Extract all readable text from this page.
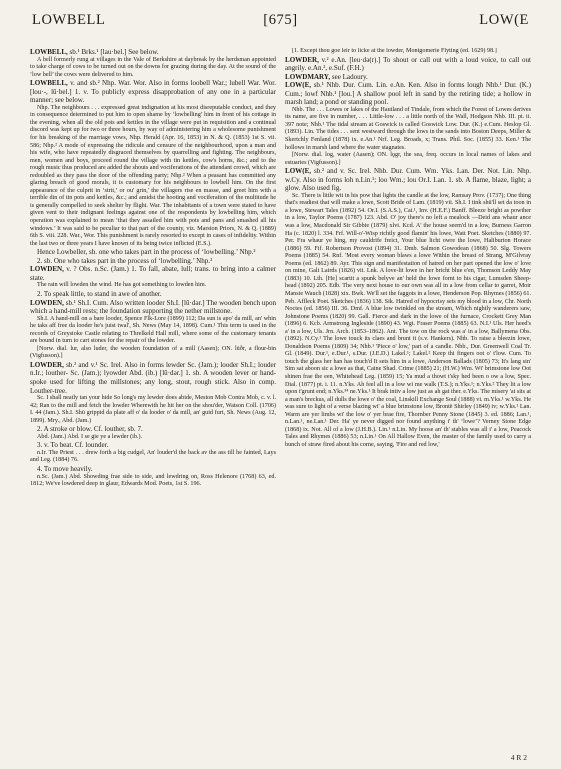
LOWBELL	[675]	LOW(E

LOWBELL, sb.¹ Brks.¹ [lau·bel.] See below.

A bell formerly rung at villages in the Vale of Berkshire at daybreak by the herdsman appointed to take charge of cows to be turned out on the downs for grazing during the day. At the sound of the ‘low bell’ the cows were delivered to him.

LOWBELL, v. and sb.² Nhp. War. Wor. Also in forms loobell War.; lubell War. Wor. [lou·-, lū·bel.] 1. v. To publicly express disapprobation of any one in a particular manner; see below.

Nhp. The neighbours . . . expressed great indignation at his most disreputable conduct, and they in consequence determined to put him to open shame by ‘lowbelling’ him in front of his cottage in the evening, when all the old pots and kettles in the village were put in requisition and a continual discord was kept up for two or three hours, by way of administering him a wholesome punishment for his breaking of the marriage vows, Nhp. Herald (Apr. 16, 1853) in N. & Q. (1853) 1st S. vii. 586; Nhp.² A mode of expressing the ridicule and censure of the neighbourhood, upon a man and his wife, who have repeatedly disgraced themselves by quarrelling and fighting. The neighbours, men, women and boys, proceed round the village with tin kettles, cow's horns, &c.; and to the rough music thus produced are added the shouts and vociferations of the attendant crowd, which are redoubled as they pass the door of the offending party; Nhp.² When a peasant has committed any glaring breach of good morals, it is customary for his neighbours to lowbell him. On the first appearance of the culprit in ‘strit,’ or ou' grin,' the villagers rise en masse, and greet him with a terrible din of tin pots and kettles, &c.; and amidst the hooting and vociferation of the multitude he is generally compelled to seek shelter by flight. War. The inhabitants of a town were stated to have given vent to their indignant feelings against one of the respondents by lowbelling him, which operation was explained to mean ‘that they assailed him with pots and pans and smashed all his windows.’ It was said to be peculiar to that part of the county, viz. Marston Priors, N. & Q. (1889) 6th S. viii. 228. War., Wor. This punishment is rarely resorted to except in cases of infidelity. Within the last two or three years I have known of its being twice inflicted (E.S.).

Hence Lowbeller, sb. one who takes part in the process of ‘lowbelling.’ Nhp.²

2. sb. One who takes part in the process of ‘lowbelling.’ Nhp.²

LOWDEN, v. ? Obs. n.Sc. (Jam.) 1. To fall, abate, lull; trans. to bring into a calmer state.

The rain will lowden the wind. He has got something to lowden him.

2. To speak little, to stand in awe of another.

LOWDEN, sb.¹ Sh.I. Cum. Also written looder Sh.I. [lū·dər.] The wooden bench upon which a hand-mill rests; the foundation supporting the nether millstone.

Sh.I. A hand-mill on a bare looder, Spence Flk-Lore (1899) 112; Da sun is apo' da mill, an' whin he taks aff free da looder he's juist twal', Sh. News (May 14, 1898). Cum.¹ This term is used in the records of Greystoke Castle relating to Threlkeld Hall mill, where some of the customary tenants are bound in turn to cart stones for the repair of the lowder.

[Norw. dial. lur, also luder, the wooden foundation of a mill (Aasen); ON. lūðr, a flour-bin (Vigfusson).]

LOWDER, sb.² and v.¹ Sc. Irel. Also in forms lewder Sc. (Jam.); looder Sh.I.; louder n.Ir.; louther- Sc. (Jam.); lyowder Abd. (ib.) [lū·dər.] 1. sb. A wooden lever or hand-spoke used for lifting the millstones; any long, stout, rough stick. Also in comp. Louther-tree.

Sc. I shall neatly tan your hide So long's my lewder does abide, Meston Mob Contra Mob, c. v. l. 42; Ran to the mill and fetch the lowder Wherewith he hit her on the shou'der, Watson Coll. (1706) I. 44 (Jam.). Sh.I. Shū grippid da plate aff o' da looder o' da mill, an' guid furt, Sh. News (Aug. 12, 1899). Mry., Abd. (Jam.)

2. A stroke or blow. Cf. louther, sb. 7.

Abd. (Jam.) Abd. I se gie ye a lewder (ib.).

3. v. To beat. Cf. lounder.

n.Ir. The Priest . . . drew forth a big cudgel, An' louder'd the back av the ass till he fainted, Lays and Leg. (1884) 76.

4. To move heavily.

n.Sc. (Jam.) Abd. Showding frae side to side, and lewdring on, Ross Helenore (1768) 63, ed. 1812; We've lowdered deep in glaur, Edwards Mod. Poets, 1st S. 196.

[1. Except thou goe leir to licke at the lowder, Montgomerie Flyting (ed. 1629) 98.]

LOWDER, v.² e.An. [leu·də(r).] To shout or call out with a loud voice, to call out angrily. e.An.², e.Suf. (F.H.)

LOWDMARY, see Ladoury.

LOW(E, sb.¹ Nhb. Dur. Cum. Lin. e.An. Ken. Also in forms lough Nhb.¹ Dur. (K.) Cum.; lowf Nhb.¹ [lou.] A shallow pool left in sand by the retiring tide; a hollow in marsh land; a pond or standing pool.

Nhb. The . . . Lowes or lakes of the Hautland of Tindale, from which the Forest of Lowes derives its name, are five in number, . . . Little-low . . . a little north of the Wall, Hodgson Nhb. III. pt. ii. 397 note; Nhb.¹ The tidal stream at Goswick is called Goswick Low. Dur. (K.) e.Cum. Heslop Gl. (1893). Lin. The tides . . . sent westward through the lows in the sands into Boston Deeps, Miller & Skertchly Fenland (1878) ix. e.An.¹ Nrf. Leg. Broads, x; Trans. Phil. Soc. (1855) 33. Ken.¹ The hollows in marsh land where the water stagnates.

[Norw. dial. log, water (Aasen); ON. lǫgr, the sea, freq. occurs in local names of lakes and estuaries (Vigfusson).]

LOW(E, sb.² and v. Sc. Irel. Nhb. Dur. Cum. Wm. Yks. Lan. Der. Not. Lin. Nhp. w.Cy. Also in forms loh n.Lin.¹; loo Wm.; lou Or.I. Lan. 1. sb. A flame, blaze, light; a glow. Also used fig.

Sc. There is little wit in his pow that lights the candle at the low, Ramsay Prov. (1737); One thing that's readiest that will make a lowe, Scott Bride of Lam. (1819) vii. Sh.I. I tink shü'll set da toon in a lowe, Stewart Tales (1892) 54. Or.I. (S.A.S.), Cai.¹, Inv. (H.E.F.) Banff. Bleeze bright as powther in a low, Taylor Poems (1787) 123. Abd. O' joy there's no left a mealock —Deid ans whaur ance was a low, Macdonald Sir Gibbie (1879) xlvi. Kcd. A' the house seem'd in a low, Burness Garron Ha (c. 1820) l. 334. Frf. Will-o'-Wisp richtly good flamin' his lowe, Watt Poet. Sketches (1880) 97. Per. Fra whaur ye hing, my cauldrife freict, Your blue licht owre the lowe, Haliburton Horace (1886) 59. Fif. Robertson Provost (1894) 31. Dmb. Salmon Gowodean (1868) 50. Slg. Towers Poems (1885) 54. Rnf. 'Most every woman blaws a lowe Within the breast of Strang, M'Gilvray Poems (ed. 1862) 89. Ayr. This sign and manifestation of hatred on her part opened the low o' love on mine, Galt Lairds (1826) vii. Lnk. A love-lit lowe in her bricht blue e'en, Thomson Leddy May (1883) 10. Lth. [He] scartit a spunk belyve an' held the lowe fornt to his cigar, Lumsden Sheep-head (1892) 205. Edb. The very next house to our own was all in a low from cellar to garret, Moir Mansie Wauch (1828) xix. Bwk. We'll set the faggots in a lowe, Henderson Pop. Rhymes (1856) 61. Peb. Affleck Poet. Sketches (1836) 138. Sik. Hatred of hypocrisy sets my blood in a low, Chr. North Noctes (ed. 1856) III. 36. Dmf. A blue low twinkled on the stream, Which nightly wanderers saw, Johnstone Poems (1820) 99. Gall. Fierce and dark in the lowe of the furnace, Crockett Grey Man (1896) 6. Kcb. Armstrong Ingleside (1890) 43. Wgt. Fraser Poems (1885) 63. N.I.¹ Uls. Her heed's a' in a low, Uls. Jrn. Arch. (1853–1862). Ant. The tow on the rock was a' in a low, Ballymena Obs. (1892). N.Cy.¹ The lowe touck its claes and brunt it (s.v. Hankers). Nhb. To raise a bleezin lowe, Donaldson Poems (1809) 34; Nhb.¹ 'Piece o' low,' part of a candle. Nbb., Dur. Greenwell Coal Tr. Gl. (1849). Dur.¹, e.Dur.¹, s.Dur. (J.E.D.) Lakel.¹; Lakel.² Keep thi fingers oot o' t'low. Cum. To touch the glass her han has touch'd It sets him in a lowe, Anderson Ballads (1805) 73; It's lang sin' Sim sat aboon sic a lowe as that, Caine Shad. Crime (1885) 21; (H.W.) Wm. Wi' brimstone low Oot shinen frae the een, Whitehead Leg. (1859) 15; Ya mud a thowt t'sky hed been o ow a low, Spec. Dial. (1877) pt. i. 11. n.Yks. Ah feel all in a low wi me walk (T.S.); n.Yks.¹; n.Yks.² They lit a low upon t'grunt end; n.Yks.³⁴ ne.Yks.¹ It brak intiv a low just as ah gat ther. e.Yks. The misery 'at sits at a man's breckus, all dulls the lowe o' the coal, Linskill Exchange Soul (1888) vi. m.Yks.¹ w.Yks. He was sure to light of a verse blazing wi' a blue brimstone low, Brontë Shirley (1849) iv; w.Yks.¹ Lan. Warm are yer limbs wi' the low o' yer brae fire, Thornber Penny Stone (1845) 3. ed. 1886; Lan.¹, n.Lan.¹, ne.Lan.¹ Der. Ha' ye never digged nor found anything i' th' ‘lowe’? Verney Stone Edge (1868) ix. Not. All of a low (J.H.B.). Lin.¹ n.Lin. My hoose an' th' stables was all i' a low, Peacock Tales and Rhymes (1886) 53; n.Lin.¹ On All Hallow Even, the master of the family used to carry a bunch of straw fired about his corne, saying, 'Fire and red low,'

4 R 2
